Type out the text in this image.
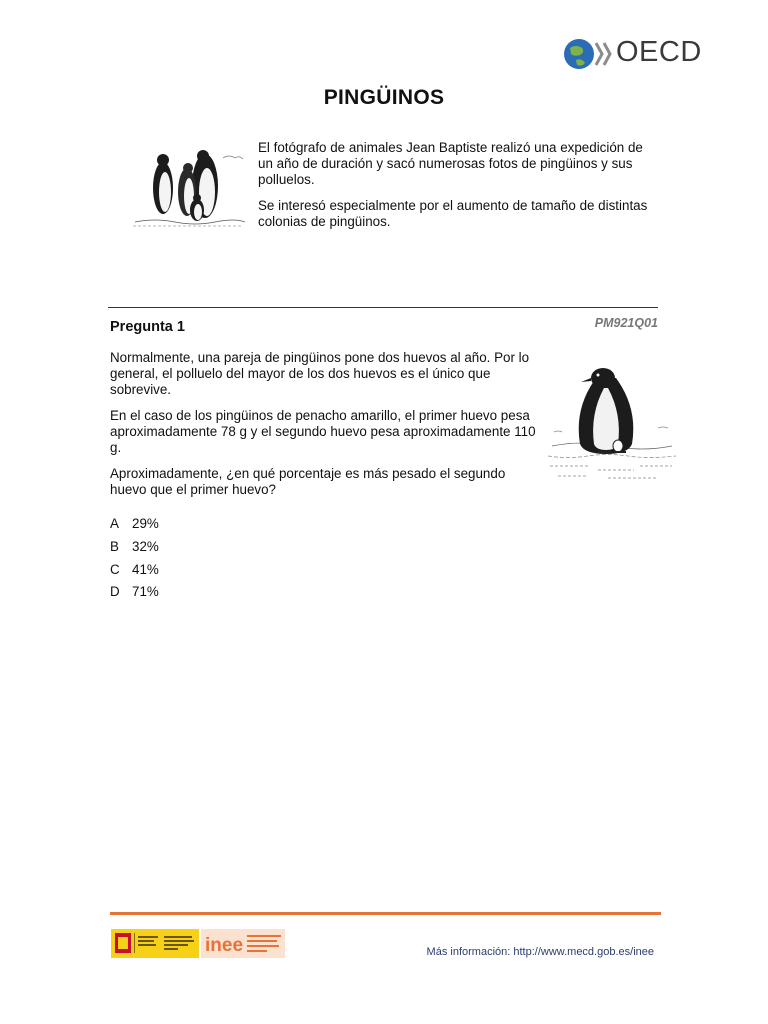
OECD
PINGÜINOS

El fotógrafo de animales Jean Baptiste realizó una expedición de un año de duración y sacó numerosas fotos de pingüinos y sus polluelos.

Se interesó especialmente por el aumento de tamaño de distintas colonias de pingüinos.

Pregunta 1	PM921Q01

Normalmente, una pareja de pingüinos pone dos huevos al año. Por lo general, el polluelo del mayor de los dos huevos es el único que sobrevive.

En el caso de los pingüinos de penacho amarillo, el primer huevo pesa aproximadamente 78 g y el segundo huevo pesa aproximadamente 110 g.

Aproximadamente, ¿en qué porcentaje es más pesado el segundo huevo que el primer huevo?

A 29%
B 32%
C 41%
D 71%
inee	Más información: http://www.mecd.gob.es/inee
